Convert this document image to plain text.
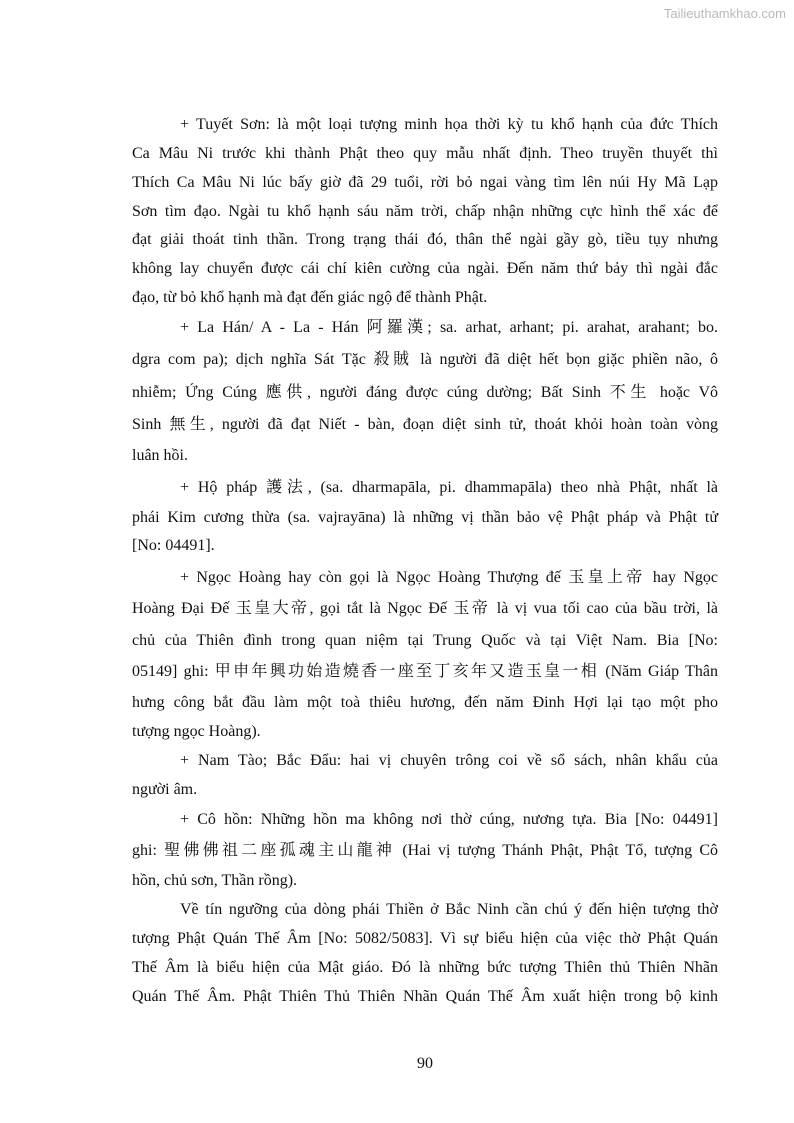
Tailieuthamkhao.com
+ Tuyết Sơn: là một loại tượng minh họa thời kỳ tu khổ hạnh của đức Thích
Ca Mâu Ni trước khi thành Phật theo quy mẫu nhất định. Theo truyền thuyết thì
Thích Ca Mâu Ni lúc bấy giờ đã 29 tuổi, rời bỏ ngai vàng tìm lên núi Hy Mã Lạp
Sơn tìm đạo. Ngài tu khổ hạnh sáu năm trời, chấp nhận những cực hình thể xác để
đạt giải thoát tinh thần. Trong trạng thái đó, thân thể ngài gầy gò, tiều tụy nhưng
không lay chuyển được cái chí kiên cường của ngài. Đến năm thứ bảy thì ngài đắc
đạo, từ bỏ khổ hạnh mà đạt đến giác ngộ để thành Phật.
+ La Hán/ A - La - Hán 阿羅漢; sa. arhat, arhant; pi. arahat, arahant; bo.
dgra com pa); dịch nghĩa Sát Tặc 殺賊 là người đã diệt hết bọn giặc phiền não, ô
nhiễm; Ứng Cúng 應供, người đáng được cúng dường; Bất Sinh 不生 hoặc Vô
Sinh 無生, người đã đạt Niết - bàn, đoạn diệt sinh tử, thoát khỏi hoàn toàn vòng
luân hồi.
+ Hộ pháp 護法, (sa. dharmapāla, pi. dhammapāla) theo nhà Phật, nhất là
phái Kim cương thừa (sa. vajrayāna) là những vị thần bảo vệ Phật pháp và Phật tử
[No: 04491].
+ Ngọc Hoàng hay còn gọi là Ngọc Hoàng Thượng đế 玉皇上帝 hay Ngọc
Hoàng Đại Đế 玉皇大帝, gọi tắt là Ngọc Đế 玉帝 là vị vua tối cao của bầu trời, là
chủ của Thiên đình trong quan niệm tại Trung Quốc và tại Việt Nam. Bia [No:
05149] ghi: 甲申年興功始造燒香一座至丁亥年又造玉皇一相 (Năm Giáp Thân
hưng công bắt đầu làm một toà thiêu hương, đến năm Đinh Hợi lại tạo một pho
tượng ngọc Hoàng).
+ Nam Tào; Bắc Đẩu: hai vị chuyên trông coi về sổ sách, nhân khẩu của
người âm.
+ Cô hồn: Những hồn ma không nơi thờ cúng, nương tựa. Bia [No: 04491]
ghi: 聖佛佛祖二座孤魂主山龍神 (Hai vị tượng Thánh Phật, Phật Tổ, tượng Cô
hồn, chủ sơn, Thần rồng).
Về tín ngưỡng của dòng phái Thiền ở Bắc Ninh cần chú ý đến hiện tượng thờ
tượng Phật Quán Thế Âm [No: 5082/5083]. Vì sự biểu hiện của việc thờ Phật Quán
Thế Âm là biểu hiện của Mật giáo. Đó là những bức tượng Thiên thủ Thiên Nhãn
Quán Thế Âm. Phật Thiên Thủ Thiên Nhãn Quán Thế Âm xuất hiện trong bộ kinh
90
